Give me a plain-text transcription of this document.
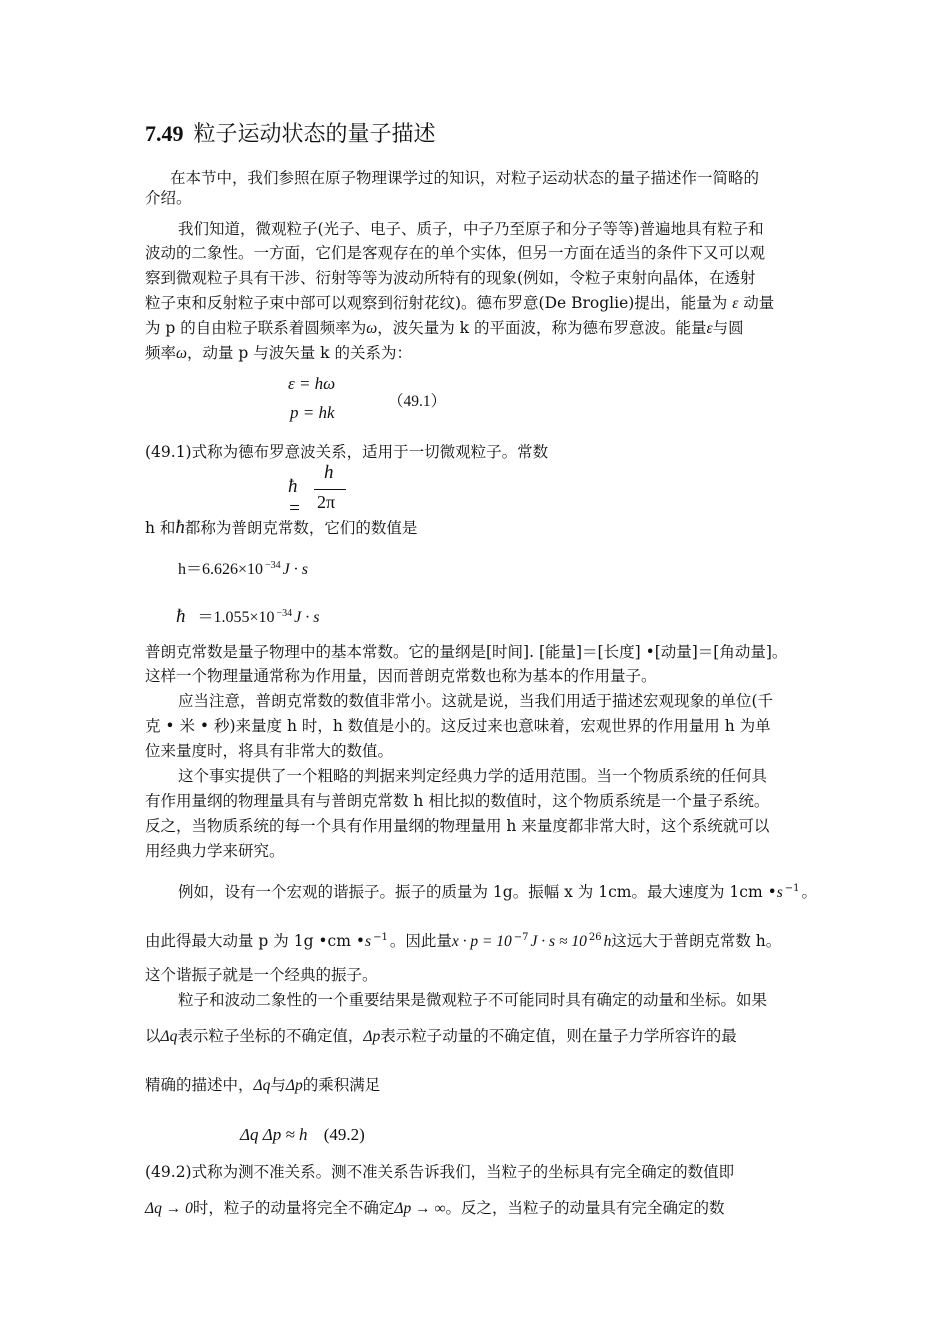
7.49 粒子运动状态的量子描述
在本节中，我们参照在原子物理课学过的知识，对粒子运动状态的量子描述作一简略的
介绍。
我们知道，微观粒子(光子、电子、质子，中子乃至原子和分子等等)普遍地具有粒子和
波动的二象性。一方面，它们是客观存在的单个实体，但另一方面在适当的条件下又可以观
察到微观粒子具有干涉、衍射等等为波动所特有的现象(例如，令粒子束射向晶体，在透射
粒子束和反射粒子束中部可以观察到衍射花纹)。德布罗意(De Broglie)提出，能量为 ε 动量
为 p 的自由粒子联系着圆频率为ω，波矢量为 k 的平面波，称为德布罗意波。能量ε与圆
频率ω，动量 p 与波矢量 k 的关系为：
ε = hω
（49.1）
p = hk
(49.1)式称为德布罗意波关系，适用于一切微观粒子。常数
ħ =
h
2π
h 和ħ都称为普朗克常数，它们的数值是
h＝6.626×10 $^{-34}$ J · s
ħ ＝1.055×10 $^{-34}$ J · s
普朗克常数是量子物理中的基本常数。它的量纲是[时间]. [能量]＝[长度] •[动量]＝[角动量]。
这样一个物理量通常称为作用量，因而普朗克常数也称为基本的作用量子。
应当注意，普朗克常数的数值非常小。这就是说，当我们用适于描述宏观现象的单位(千
克 • 米 • 秒)来量度 h 时，h 数值是小的。这反过来也意味着，宏观世界的作用量用 h 为单
位来量度时，将具有非常大的数值。
这个事实提供了一个粗略的判据来判定经典力学的适用范围。当一个物质系统的任何具
有作用量纲的物理量具有与普朗克常数 h 相比拟的数值时，这个物质系统是一个量子系统。
反之，当物质系统的每一个具有作用量纲的物理量用 h 来量度都非常大时，这个系统就可以
用经典力学来研究。
例如，设有一个宏观的谐振子。振子的质量为 1g。振幅 x 为 1cm。最大速度为 1cm •s $^{-1}$ 。
由此得最大动量 p 为 1g •cm •s $^{-1}$ 。因此量x · p = 10 $^{-7}$ J · s ≈ 10 $^{26}$ h这远大于普朗克常数 h。
这个谐振子就是一个经典的振子。
粒子和波动二象性的一个重要结果是微观粒子不可能同时具有确定的动量和坐标。如果
以Δq表示粒子坐标的不确定值，Δp表示粒子动量的不确定值，则在量子力学所容许的最
精确的描述中，Δq与Δp的乘积满足
Δq Δp ≈ h (49.2)
(49.2)式称为测不准关系。测不准关系告诉我们，当粒子的坐标具有完全确定的数值即
Δq → 0时，粒子的动量将完全不确定Δp → ∞。反之，当粒子的动量具有完全确定的数
